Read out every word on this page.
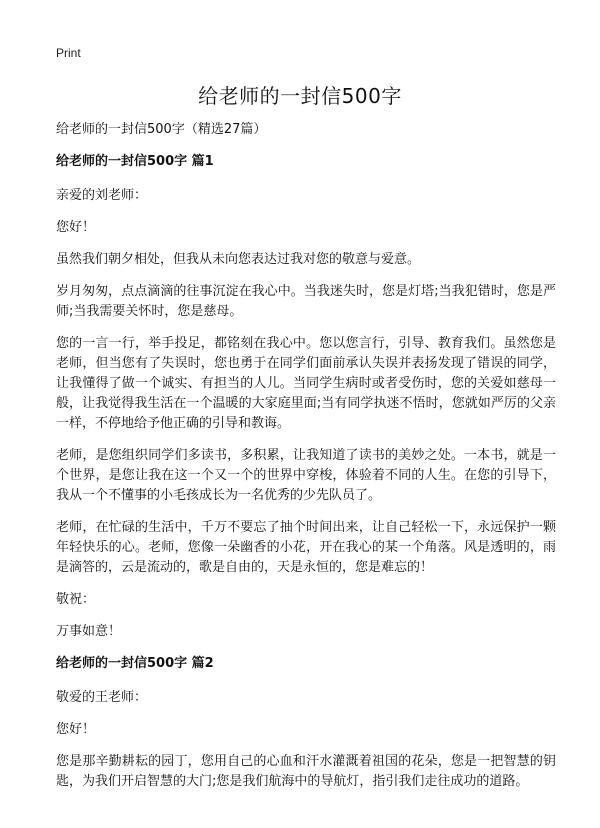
Print
给老师的一封信500字

给老师的一封信500字（精选27篇）

给老师的一封信500字 篇1

亲爱的刘老师：

您好！

虽然我们朝夕相处，但我从未向您表达过我对您的敬意与爱意。

岁月匆匆，点点滴滴的往事沉淀在我心中。当我迷失时，您是灯塔;当我犯错时，您是严师;当我需要关怀时，您是慈母。

您的一言一行，举手投足，都铭刻在我心中。您以您言行，引导、教育我们。虽然您是老师，但当您有了失误时，您也勇于在同学们面前承认失误并表扬发现了错误的同学，让我懂得了做一个诚实、有担当的人儿。当同学生病时或者受伤时，您的关爱如慈母一般，让我觉得我生活在一个温暖的大家庭里面;当有同学执迷不悟时，您就如严厉的父亲一样，不停地给予他正确的引导和教诲。

老师，是您组织同学们多读书，多积累，让我知道了读书的美妙之处。一本书，就是一个世界，是您让我在这一个又一个的世界中穿梭，体验着不同的人生。在您的引导下，我从一个不懂事的小毛孩成长为一名优秀的少先队员了。

老师，在忙碌的生活中，千万不要忘了抽个时间出来，让自己轻松一下，永远保护一颗年轻快乐的心。老师，您像一朵幽香的小花，开在我心的某一个角落。风是透明的，雨是滴答的，云是流动的，歌是自由的，天是永恒的，您是难忘的！

敬祝：

万事如意！

给老师的一封信500字 篇2

敬爱的王老师：

您好！

您是那辛勤耕耘的园丁，您用自己的心血和汗水灌溉着祖国的花朵，您是一把智慧的钥匙，为我们开启智慧的大门;您是我们航海中的导航灯，指引我们走往成功的道路。
